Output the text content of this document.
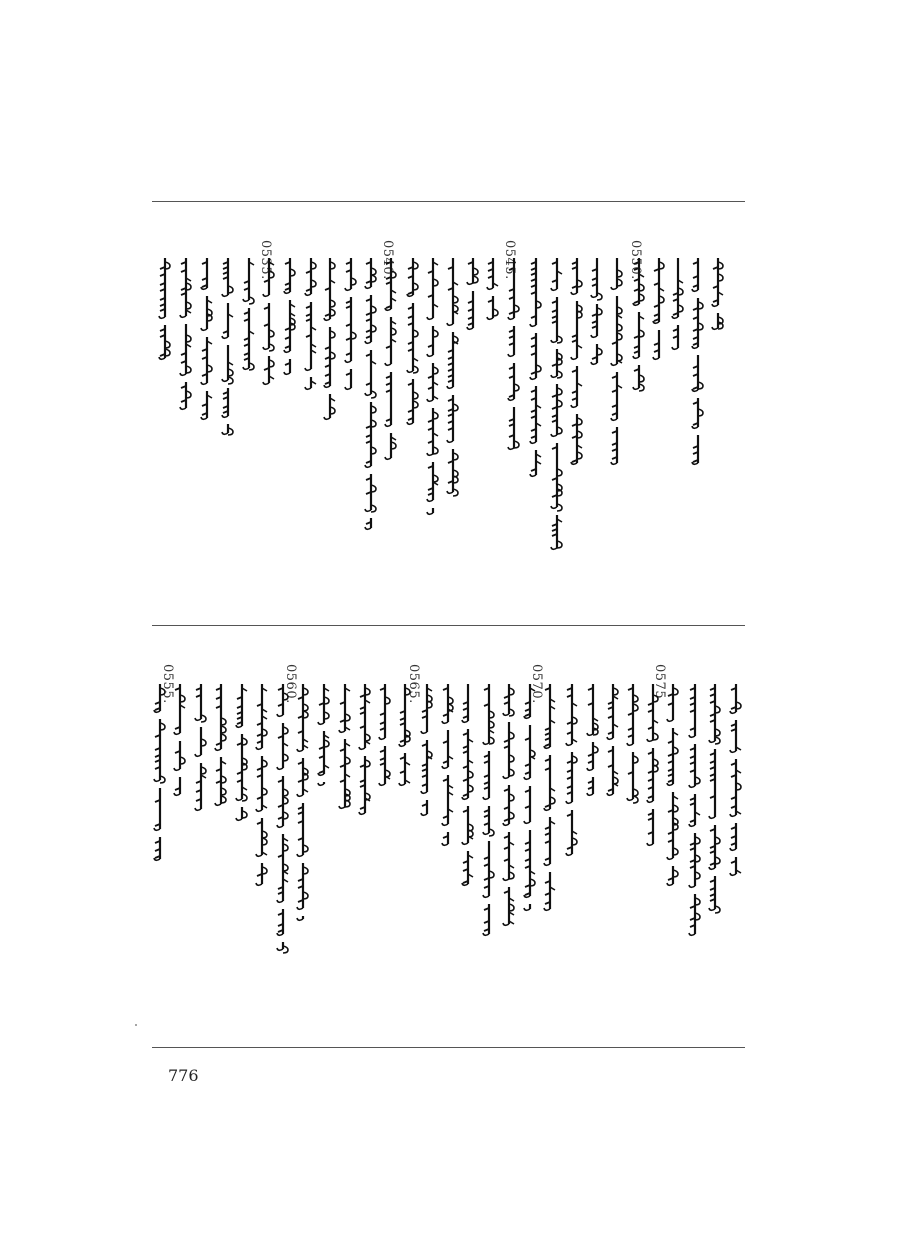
0550.
0545.
0540.
0535.
0575.
0570.
0565.
0560.
0555.
776
